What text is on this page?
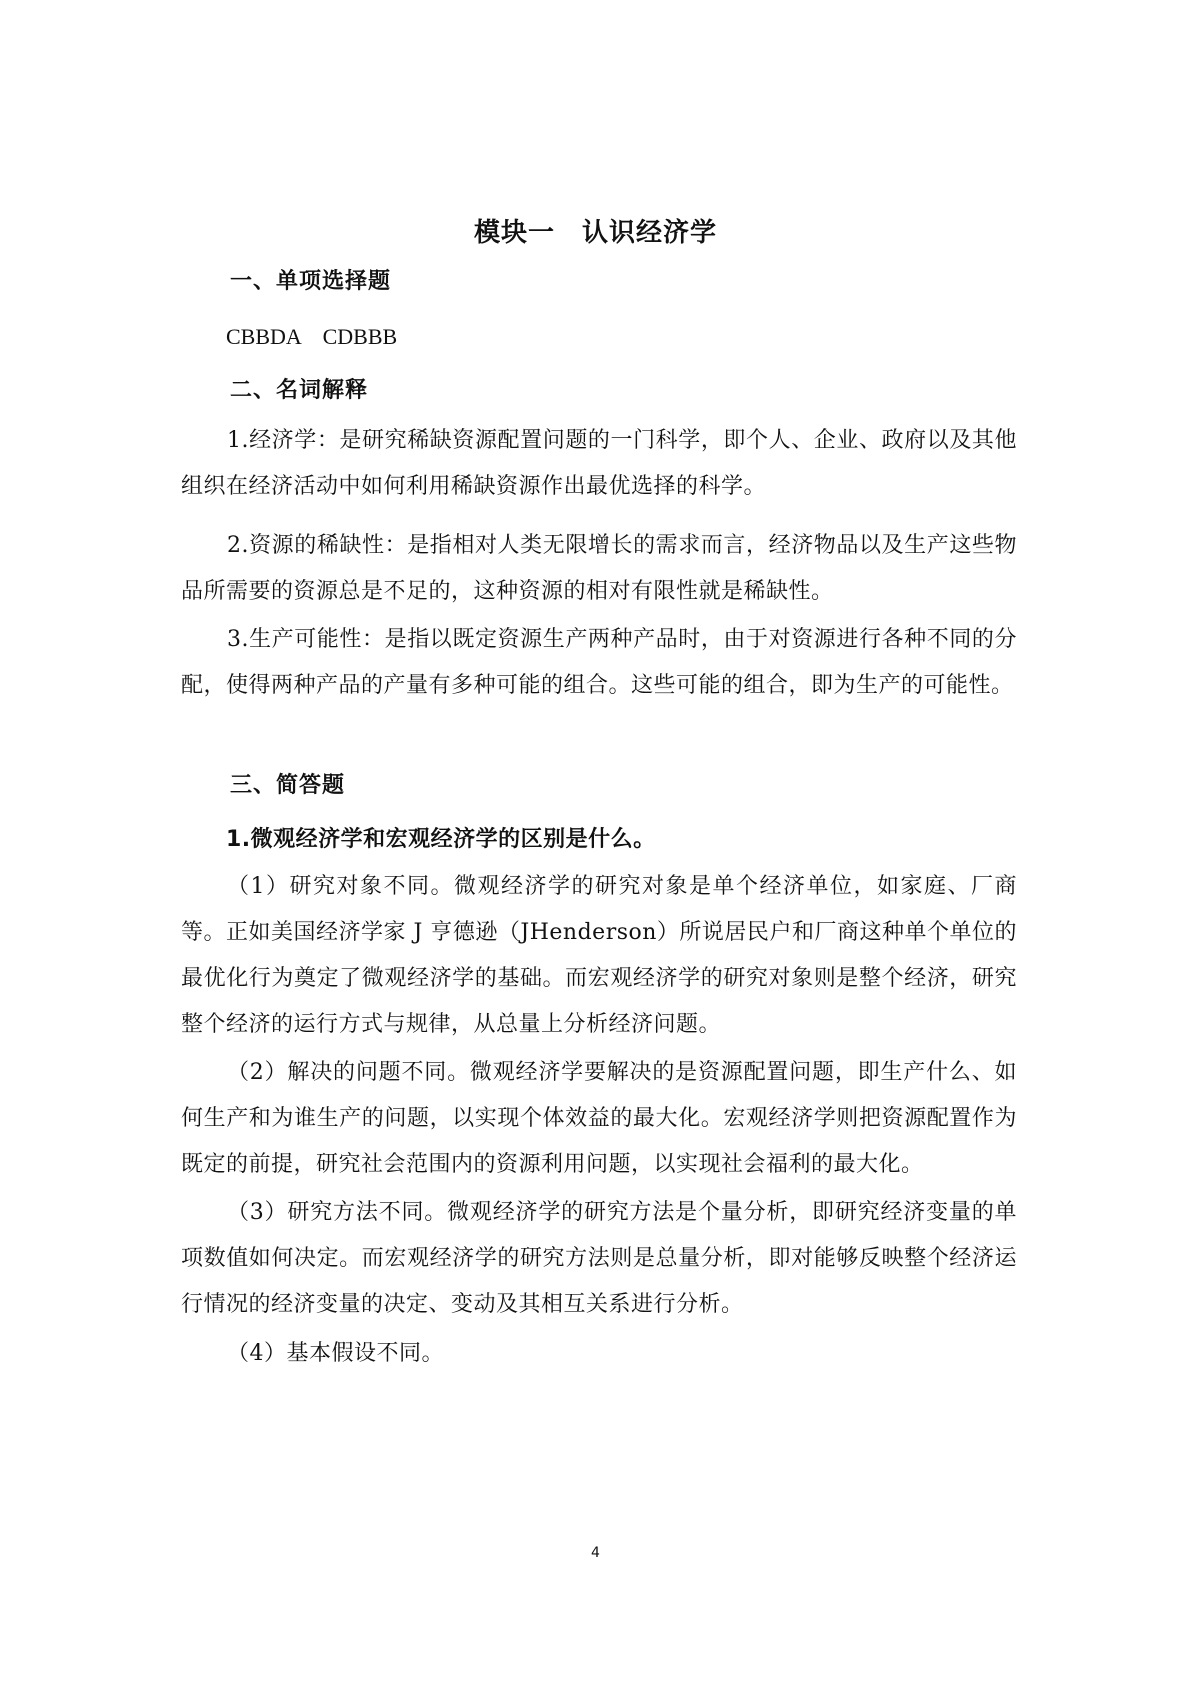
模块一　认识经济学
一、单项选择题
CBBDA　CDBBB
二、名词解释

1.经济学：是研究稀缺资源配置问题的一门科学，即个人、企业、政府以及其他组织在经济活动中如何利用稀缺资源作出最优选择的科学。

2.资源的稀缺性：是指相对人类无限增长的需求而言，经济物品以及生产这些物品所需要的资源总是不足的，这种资源的相对有限性就是稀缺性。

3.生产可能性：是指以既定资源生产两种产品时，由于对资源进行各种不同的分配，使得两种产品的产量有多种可能的组合。这些可能的组合，即为生产的可能性。

三、简答题
1.微观经济学和宏观经济学的区别是什么。

（1）研究对象不同。微观经济学的研究对象是单个经济单位，如家庭、厂商等。正如美国经济学家 J 亨德逊（JHenderson）所说居民户和厂商这种单个单位的最优化行为奠定了微观经济学的基础。而宏观经济学的研究对象则是整个经济，研究整个经济的运行方式与规律，从总量上分析经济问题。

（2）解决的问题不同。微观经济学要解决的是资源配置问题，即生产什么、如何生产和为谁生产的问题，以实现个体效益的最大化。宏观经济学则把资源配置作为既定的前提，研究社会范围内的资源利用问题，以实现社会福利的最大化。

（3）研究方法不同。微观经济学的研究方法是个量分析，即研究经济变量的单项数值如何决定。而宏观经济学的研究方法则是总量分析，即对能够反映整个经济运行情况的经济变量的决定、变动及其相互关系进行分析。

（4）基本假设不同。

4
